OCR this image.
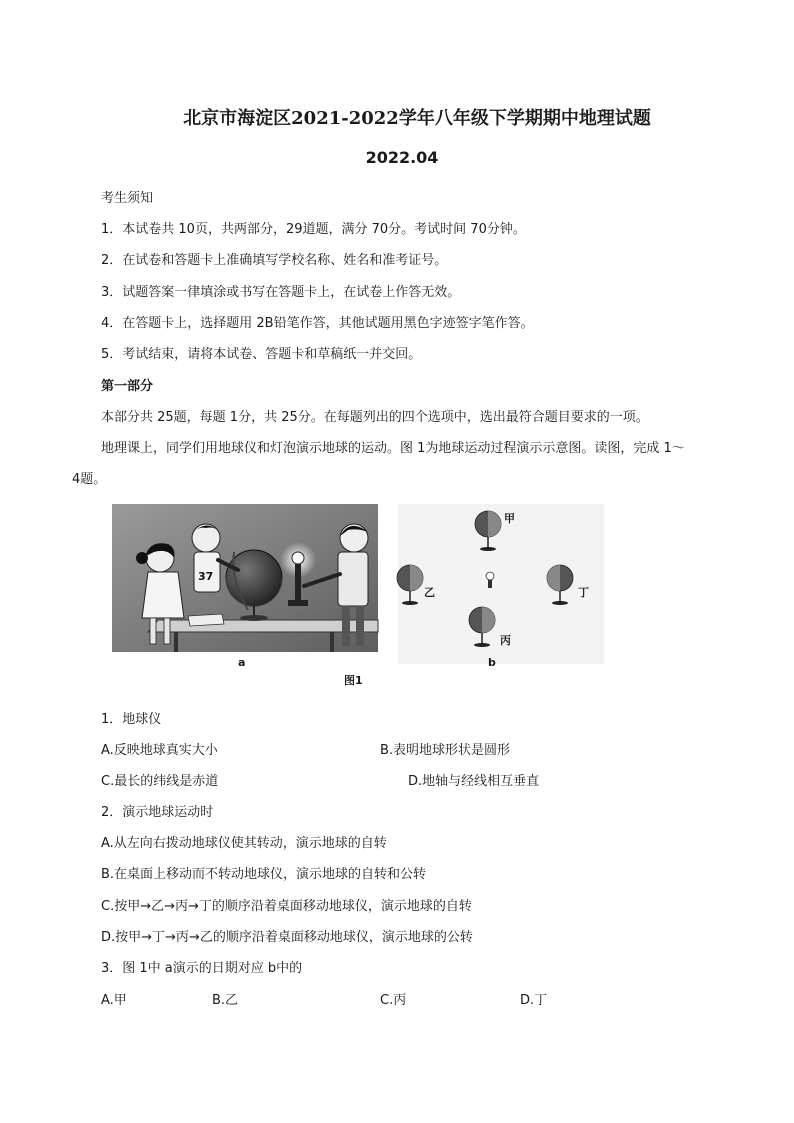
北京市海淀区2021-2022学年八年级下学期期中地理试题
2022.04
考生须知
1．本试卷共 10页，共两部分，29道题，满分 70分。考试时间 70分钟。
2．在试卷和答题卡上准确填写学校名称、姓名和准考证号。
3．试题答案一律填涂或书写在答题卡上，在试卷上作答无效。
4．在答题卡上，选择题用 2B铅笔作答，其他试题用黑色字迹签字笔作答。
5．考试结束，请将本试卷、答题卡和草稿纸一并交回。
第一部分
本部分共 25题，每题 1分，共 25分。在每题列出的四个选项中，选出最符合题目要求的一项。
地理课上，同学们用地球仪和灯泡演示地球的运动。图 1为地球运动过程演示示意图。读图，完成 1～
4题。
37
甲
乙
丙
丁
a	b
图1
1．地球仪
A.反映地球真实大小	B.表明地球形状是圆形
C.最长的纬线是赤道	D.地轴与经线相互垂直
2．演示地球运动时
A.从左向右拨动地球仪使其转动，演示地球的自转
B.在桌面上移动而不转动地球仪，演示地球的自转和公转
C.按甲→乙→丙→丁的顺序沿着桌面移动地球仪，演示地球的自转
D.按甲→丁→丙→乙的顺序沿着桌面移动地球仪，演示地球的公转
3．图 1中 a演示的日期对应 b中的
A.甲	B.乙	C.丙	D.丁
